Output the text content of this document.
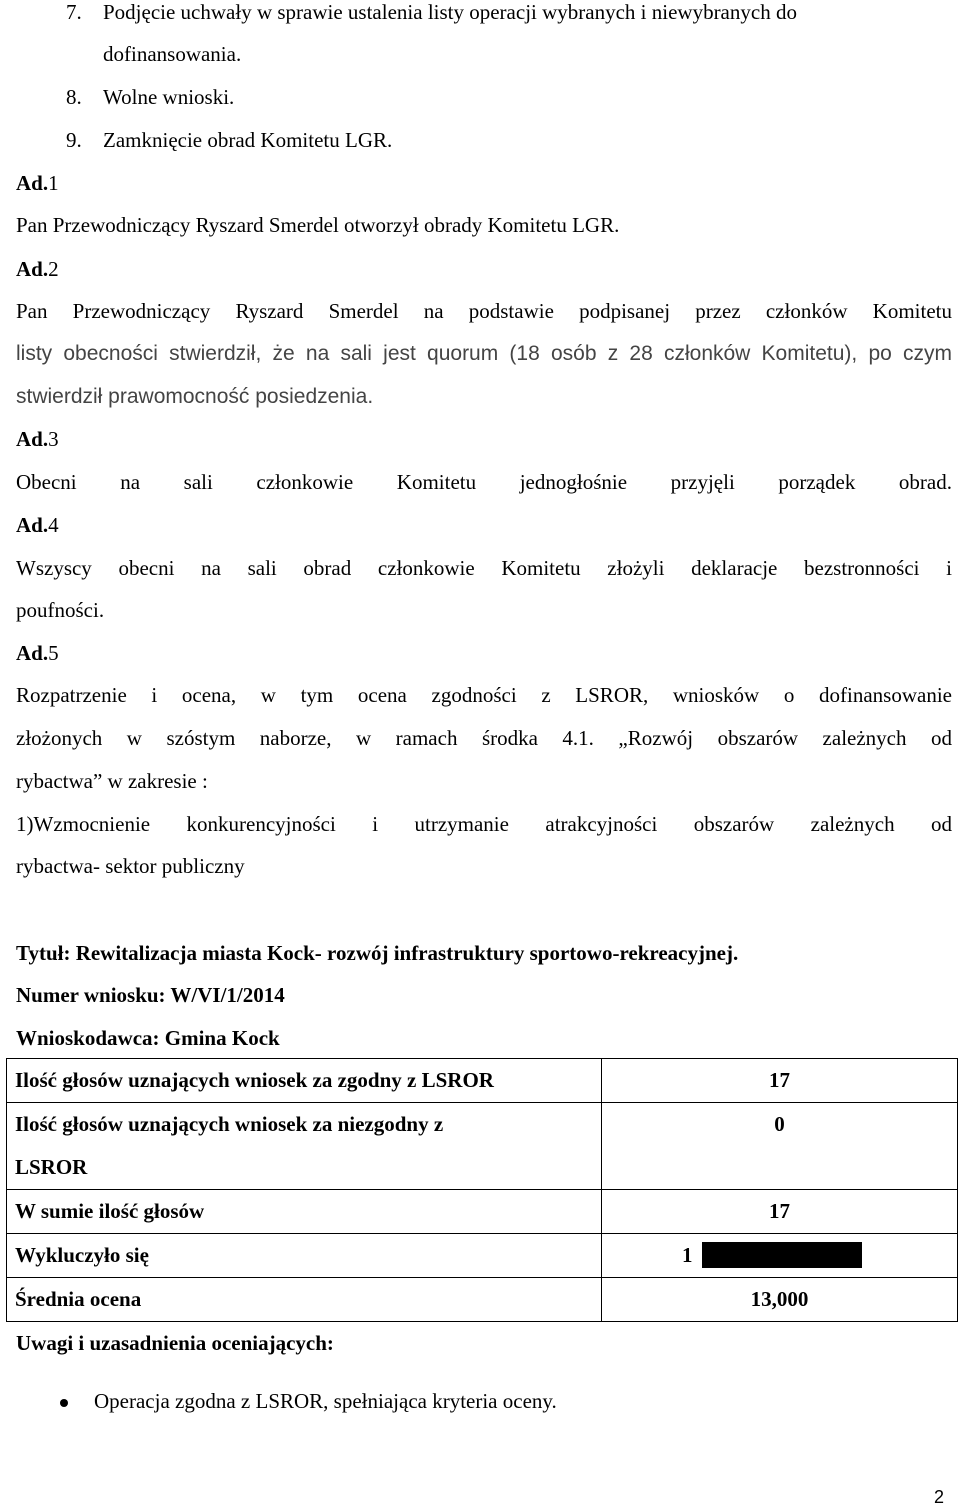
7. Podjęcie uchwały w sprawie ustalenia listy operacji wybranych i niewybranych do
dofinansowania.
8. Wolne wnioski.
9. Zamknięcie obrad Komitetu LGR.
Ad.1
Pan Przewodniczący Ryszard Smerdel otworzył obrady Komitetu LGR.
Ad.2
Pan Przewodniczący Ryszard Smerdel na podstawie podpisanej przez członków Komitetu
listy obecności stwierdził, że na sali jest quorum (18 osób z 28 członków Komitetu), po czym
stwierdził prawomocność posiedzenia.
Ad.3
Obecni na sali członkowie Komitetu jednogłośnie przyjęli porządek obrad.
Ad.4
Wszyscy obecni na sali obrad członkowie Komitetu złożyli deklaracje bezstronności i
poufności.
Ad.5
Rozpatrzenie i ocena, w tym ocena zgodności z LSROR, wniosków o dofinansowanie
złożonych w szóstym naborze, w ramach środka 4.1. „Rozwój obszarów zależnych od
rybactwa” w zakresie :
1)Wzmocnienie konkurencyjności i utrzymanie atrakcyjności obszarów zależnych od
rybactwa- sektor publiczny
Tytuł: Rewitalizacja miasta Kock- rozwój infrastruktury sportowo-rekreacyjnej.
Numer wniosku: W/VI/1/2014
Wnioskodawca: Gmina Kock
Ilość głosów uznających wniosek za zgodny z LSROR	17
Ilość głosów uznających wniosek za niezgodny z
LSROR	0
W sumie ilość głosów	17
Wykluczyło się	1

Średnia ocena	13,000
Uwagi i uzasadnienia oceniających:
Operacja zgodna z LSROR, spełniająca kryteria oceny.
2
